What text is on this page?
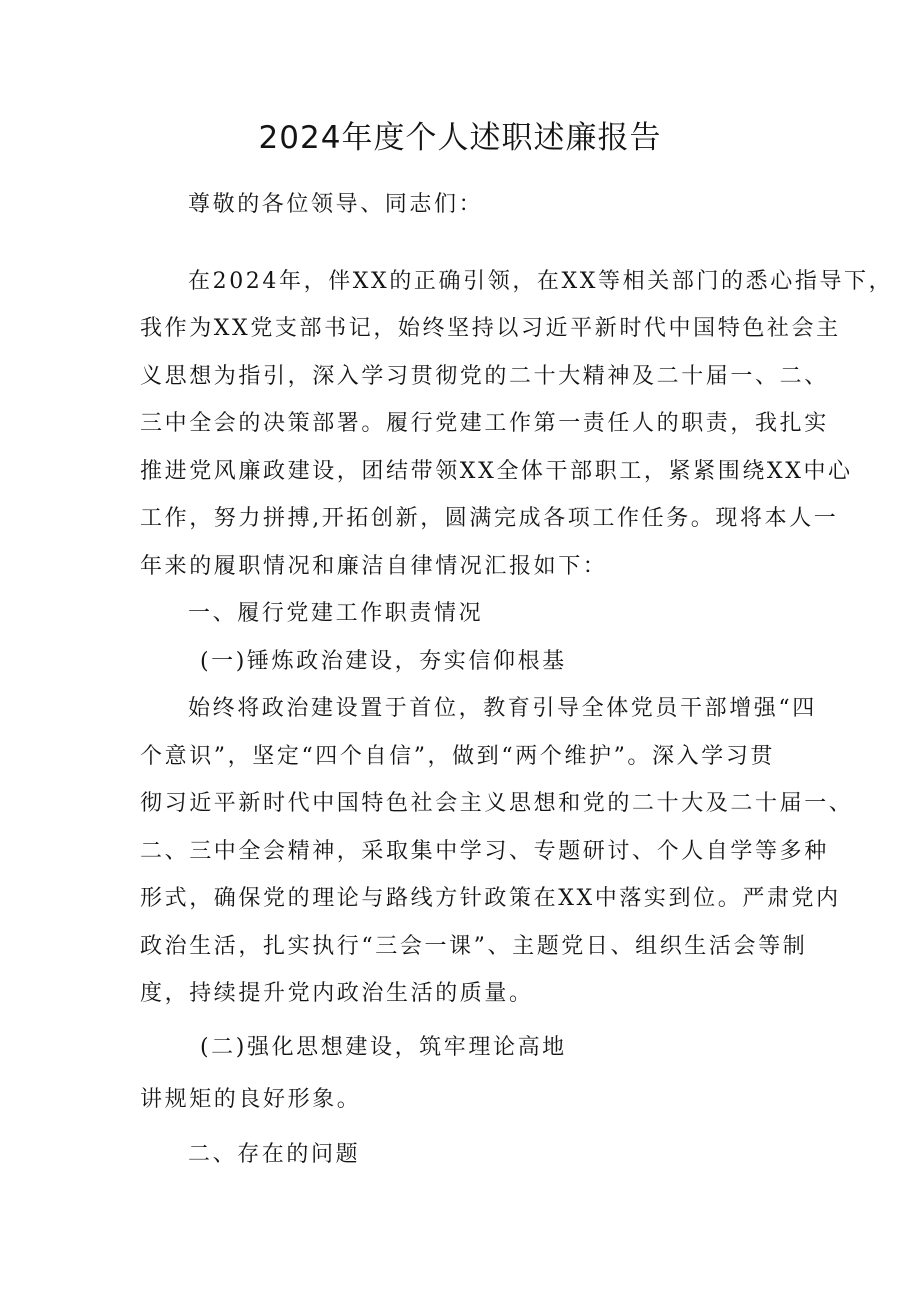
2024年度个人述职述廉报告
尊敬的各位领导、同志们：
在2024年，伴XX的正确引领，在XX等相关部门的悉心指导下，
我作为XX党支部书记，始终坚持以习近平新时代中国特色社会主
义思想为指引，深入学习贯彻党的二十大精神及二十届一、二、
三中全会的决策部署。履行党建工作第一责任人的职责，我扎实
推进党风廉政建设，团结带领XX全体干部职工，紧紧围绕XX中心
工作，努力拼搏,开拓创新，圆满完成各项工作任务。现将本人一
年来的履职情况和廉洁自律情况汇报如下：
一、履行党建工作职责情况
(一)锤炼政治建设，夯实信仰根基
始终将政治建设置于首位，教育引导全体党员干部增强“四
个意识”，坚定“四个自信”，做到“两个维护”。深入学习贯
彻习近平新时代中国特色社会主义思想和党的二十大及二十届一、
二、三中全会精神，采取集中学习、专题研讨、个人自学等多种
形式，确保党的理论与路线方针政策在XX中落实到位。严肃党内
政治生活，扎实执行“三会一课”、主题党日、组织生活会等制
度，持续提升党内政治生活的质量。
(二)强化思想建设，筑牢理论高地
讲规矩的良好形象。
二、存在的问题
